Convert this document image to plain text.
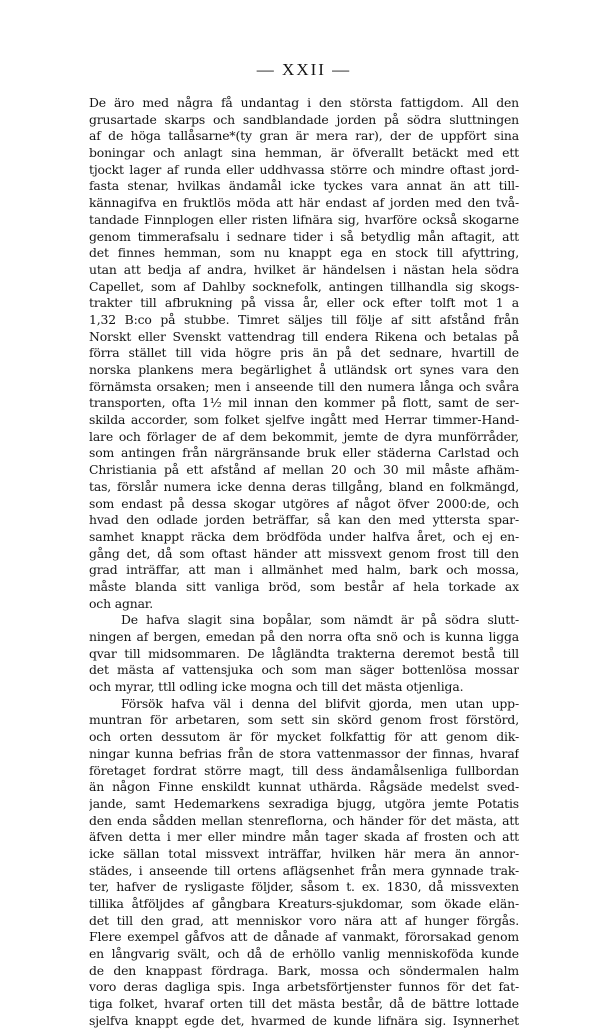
— XXII —
De äro med några få undantag i den största fattigdom. All den
grusartade skarps och sandblandade jorden på södra sluttningen
af de höga tallåsarne*(ty gran är mera rar), der de uppfört sina
boningar och anlagt sina hemman, är öfverallt betäckt med ett
tjockt lager af runda eller uddhvassa större och mindre oftast jord-
fasta stenar, hvilkas ändamål icke tyckes vara annat än att till-
kännagifva en fruktlös möda att här endast af jorden med den två-
tandade Finnplogen eller risten lifnära sig, hvarföre också skogarne
genom timmerafsalu i sednare tider i så betydlig mån aftagit, att
det finnes hemman, som nu knappt ega en stock till afyttring,
utan att bedja af andra, hvilket är händelsen i nästan hela södra
Capellet, som af Dahlby socknefolk, antingen tillhandla sig skogs-
trakter till afbrukning på vissa år, eller ock efter tolft mot 1 a
1,32 B:co på stubbe. Timret säljes till följe af sitt afstånd från
Norskt eller Svenskt vattendrag till endera Rikena och betalas på
förra stället till vida högre pris än på det sednare, hvartill de
norska plankens mera begärlighet å utländsk ort synes vara den
förnämsta orsaken; men i anseende till den numera långa och svåra
transporten, ofta 1½ mil innan den kommer på flott, samt de ser-
skilda accorder, som folket sjelfve ingått med Herrar timmer-Hand-
lare och förlager de af dem bekommit, jemte de dyra munförråder,
som antingen från närgränsande bruk eller städerna Carlstad och
Christiania på ett afstånd af mellan 20 och 30 mil måste afhäm-
tas, förslår numera icke denna deras tillgång, bland en folkmängd,
som endast på dessa skogar utgöres af något öfver 2000:de, och
hvad den odlade jorden beträffar, så kan den med yttersta spar-
samhet knappt räcka dem brödföda under halfva året, och ej en-
gång det, då som oftast händer att missvext genom frost till den
grad inträffar, att man i allmänhet med halm, bark och mossa,
måste blanda sitt vanliga bröd, som består af hela torkade ax
och agnar.
De hafva slagit sina bopålar, som nämdt är på södra slutt-
ningen af bergen, emedan på den norra ofta snö och is kunna ligga
qvar till midsommaren. De lågländta trakterna deremot bestå till
det mästa af vattensjuka och som man säger bottenlösa mossar
och myrar, ttll odling icke mogna och till det mästa otjenliga.
Försök hafva väl i denna del blifvit gjorda, men utan upp-
muntran för arbetaren, som sett sin skörd genom frost förstörd,
och orten dessutom är för mycket folkfattig för att genom dik-
ningar kunna befrias från de stora vattenmassor der finnas, hvaraf
företaget fordrat större magt, till dess ändamålsenliga fullbordan
än någon Finne enskildt kunnat uthärda. Rågsäde medelst sved-
jande, samt Hedemarkens sexradiga bjugg, utgöra jemte Potatis
den enda sådden mellan stenreflorna, och händer för det mästa, att
äfven detta i mer eller mindre mån tager skada af frosten och att
icke sällan total missvext inträffar, hvilken här mera än annor-
städes, i anseende till ortens aflägsenhet från mera gynnade trak-
ter, hafver de rysligaste följder, såsom t. ex. 1830, då missvexten
tillika åtföljdes af gångbara Kreaturs-sjukdomar, som ökade elän-
det till den grad, att menniskor voro nära att af hunger förgås.
Flere exempel gåfvos att de dånade af vanmakt, förorsakad genom
en långvarig svält, och då de erhöllo vanlig menniskoföda kunde
de den knappast fördraga. Bark, mossa och söndermalen halm
voro deras dagliga spis. Inga arbetsförtjenster funnos för det fat-
tiga folket, hvaraf orten till det mästa består, då de bättre lottade
sjelfva knappt egde det, hvarmed de kunde lifnära sig. Isynnerhet
